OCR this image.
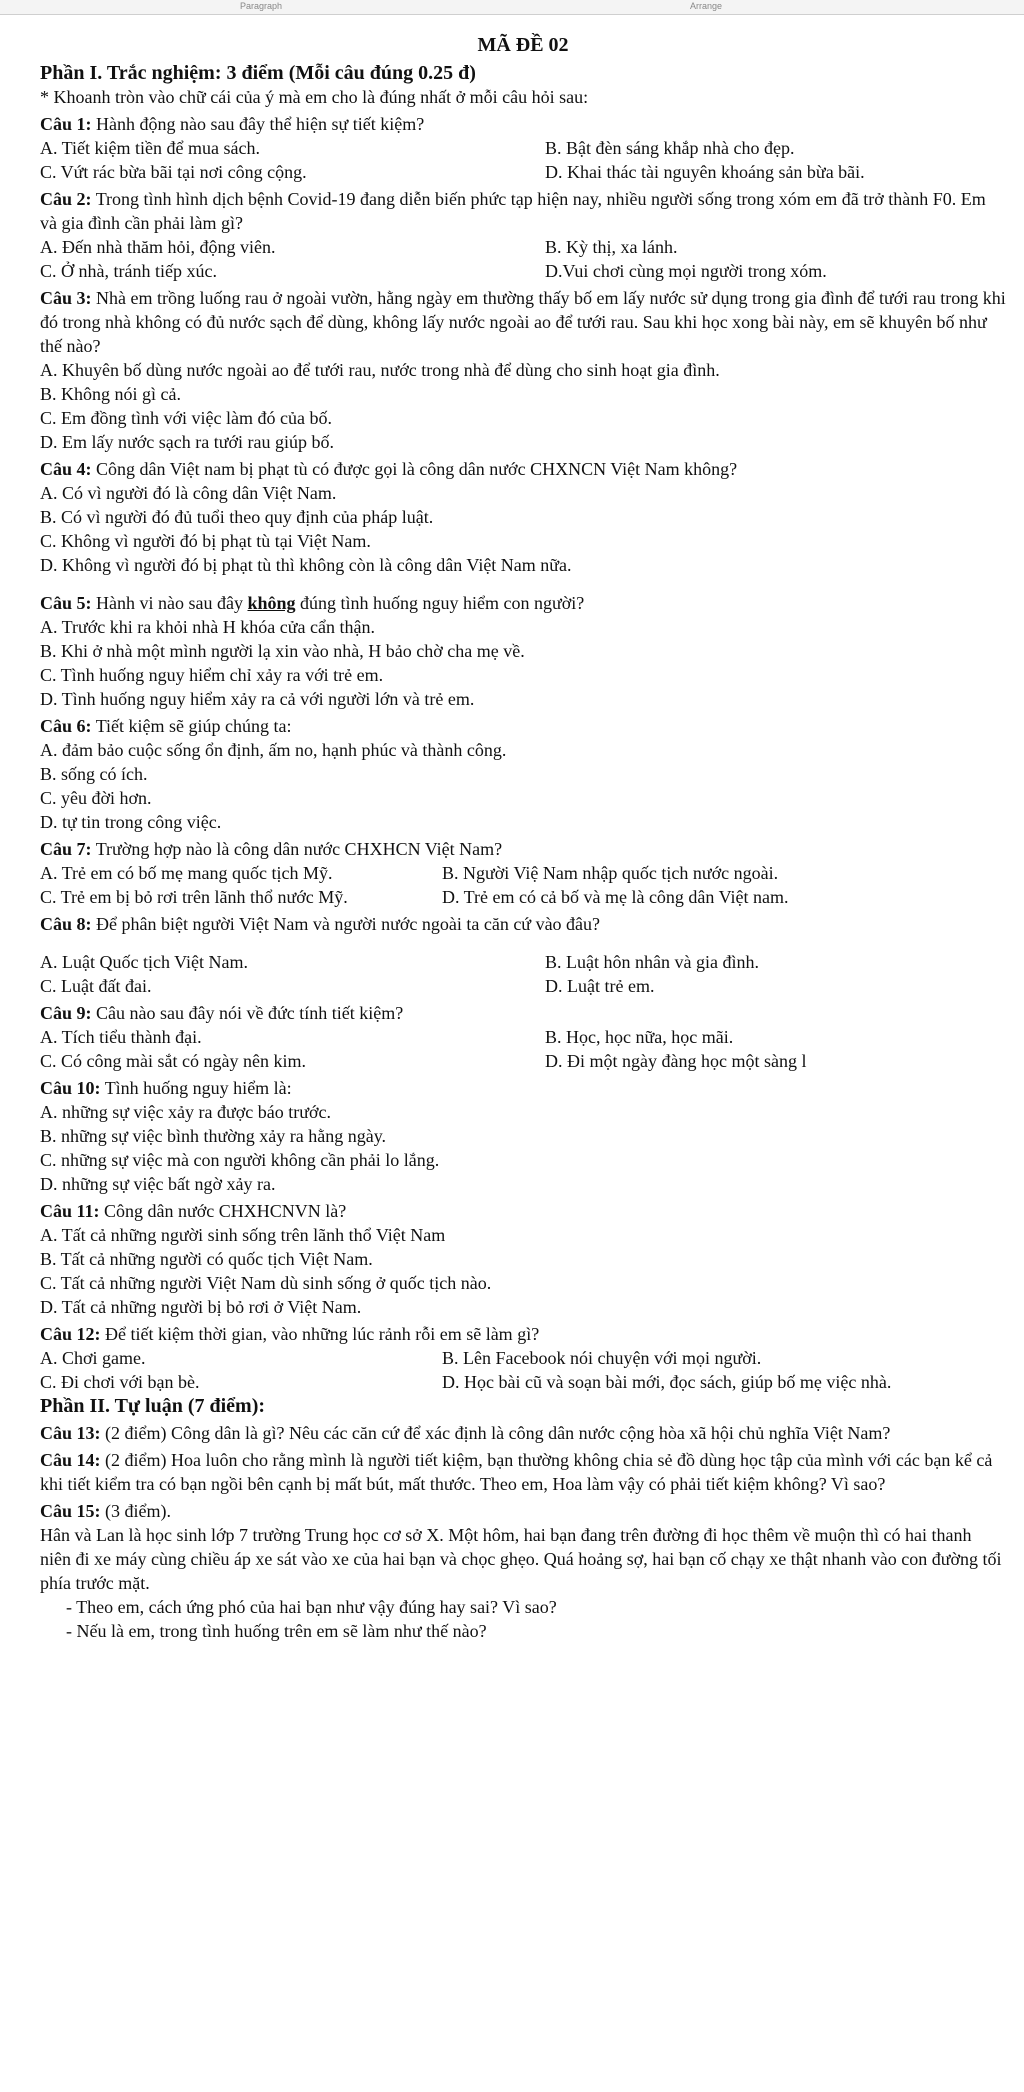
Paragraph	Arrange
MÃ ĐỀ 02

Phần I. Trắc nghiệm: 3 điểm (Mỗi câu đúng 0.25 đ)

* Khoanh tròn vào chữ cái của ý mà em cho là đúng nhất ở mỗi câu hỏi sau:

Câu 1: Hành động nào sau đây thể hiện sự tiết kiệm?

A. Tiết kiệm tiền để mua sách.	B. Bật đèn sáng khắp nhà cho đẹp.
C. Vứt rác bừa bãi tại nơi công cộng.	D. Khai thác tài nguyên khoáng sản bừa bãi.

Câu 2: Trong tình hình dịch bệnh Covid-19 đang diễn biến phức tạp hiện nay, nhiều người sống trong xóm em đã trở thành F0. Em và gia đình cần phải làm gì?

A. Đến nhà thăm hỏi, động viên.	B. Kỳ thị, xa lánh.
C. Ở nhà, tránh tiếp xúc.	D.Vui chơi cùng mọi người trong xóm.

Câu 3: Nhà em trồng luống rau ở ngoài vườn, hằng ngày em thường thấy bố em lấy nước sử dụng trong gia đình để tưới rau trong khi đó trong nhà không có đủ nước sạch để dùng, không lấy nước ngoài ao để tưới rau. Sau khi học xong bài này, em sẽ khuyên bố như thế nào?

A. Khuyên bố dùng nước ngoài ao để tưới rau, nước trong nhà để dùng cho sinh hoạt gia đình.

B. Không nói gì cả.

C. Em đồng tình với việc làm đó của bố.

D. Em lấy nước sạch ra tưới rau giúp bố.

Câu 4: Công dân Việt nam bị phạt tù có được gọi là công dân nước CHXNCN Việt Nam không?

A. Có vì người đó là công dân Việt Nam.

B. Có vì người đó đủ tuổi theo quy định của pháp luật.

C. Không vì người đó bị phạt tù tại Việt Nam.

D. Không vì người đó bị phạt tù thì không còn là công dân Việt Nam nữa.

Câu 5: Hành vi nào sau đây không đúng tình huống nguy hiểm con người?

A. Trước khi ra khỏi nhà H khóa cửa cẩn thận.

B. Khi ở nhà một mình người lạ xin vào nhà, H bảo chờ cha mẹ về.

C. Tình huống nguy hiểm chỉ xảy ra với trẻ em.

D. Tình huống nguy hiểm xảy ra cả với người lớn và trẻ em.

Câu 6: Tiết kiệm sẽ giúp chúng ta:

A. đảm bảo cuộc sống ổn định, ấm no, hạnh phúc và thành công.

B. sống có ích.

C. yêu đời hơn.

D. tự tin trong công việc.

Câu 7: Trường hợp nào là công dân nước CHXHCN Việt Nam?

A. Trẻ em có bố mẹ mang quốc tịch Mỹ.	B. Người Việ Nam nhập quốc tịch nước ngoài.
C. Trẻ em bị bỏ rơi trên lãnh thổ nước Mỹ.	D. Trẻ em có cả bố và mẹ là công dân Việt nam.

Câu 8: Để phân biệt người Việt Nam và người nước ngoài ta căn cứ vào đâu?

A. Luật Quốc tịch Việt Nam.	B. Luật hôn nhân và gia đình.
C. Luật đất đai.	D. Luật trẻ em.

Câu 9: Câu nào sau đây nói về đức tính tiết kiệm?

A. Tích tiểu thành đại.	B. Học, học nữa, học mãi.
C. Có công mài sắt có ngày nên kim.	D. Đi một ngày đàng học một sàng l

Câu 10: Tình huống nguy hiểm là:

A. những sự việc xảy ra được báo trước.

B. những sự việc bình thường xảy ra hằng ngày.

C. những sự việc mà con người không cần phải lo lắng.

D. những sự việc bất ngờ xảy ra.

Câu 11: Công dân nước CHXHCNVN là?

A. Tất cả những người sinh sống trên lãnh thổ Việt Nam

B. Tất cả những người có quốc tịch Việt Nam.

C. Tất cả những người Việt Nam dù sinh sống ở quốc tịch nào.

D. Tất cả những người bị bỏ rơi ở Việt Nam.

Câu 12: Để tiết kiệm thời gian, vào những lúc rảnh rỗi em sẽ làm gì?

A. Chơi game.	B. Lên Facebook nói chuyện với mọi người.
C. Đi chơi với bạn bè.	D. Học bài cũ và soạn bài mới, đọc sách, giúp bố mẹ việc nhà.

Phần II. Tự luận (7 điểm):

Câu 13: (2 điểm) Công dân là gì? Nêu các căn cứ để xác định là công dân nước cộng hòa xã hội chủ nghĩa Việt Nam?

Câu 14: (2 điểm) Hoa luôn cho rằng mình là người tiết kiệm, bạn thường không chia sẻ đồ dùng học tập của mình với các bạn kể cả khi tiết kiểm tra có bạn ngồi bên cạnh bị mất bút, mất thước. Theo em, Hoa làm vậy có phải tiết kiệm không? Vì sao?

Câu 15: (3 điểm).

Hân và Lan là học sinh lớp 7 trường Trung học cơ sở X. Một hôm, hai bạn đang trên đường đi học thêm về muộn thì có hai thanh niên đi xe máy cùng chiều áp xe sát vào xe của hai bạn và chọc ghẹo. Quá hoảng sợ, hai bạn cố chạy xe thật nhanh vào con đường tối phía trước mặt.

- Theo em, cách ứng phó của hai bạn như vậy đúng hay sai? Vì sao?

- Nếu là em, trong tình huống trên em sẽ làm như thế nào?
